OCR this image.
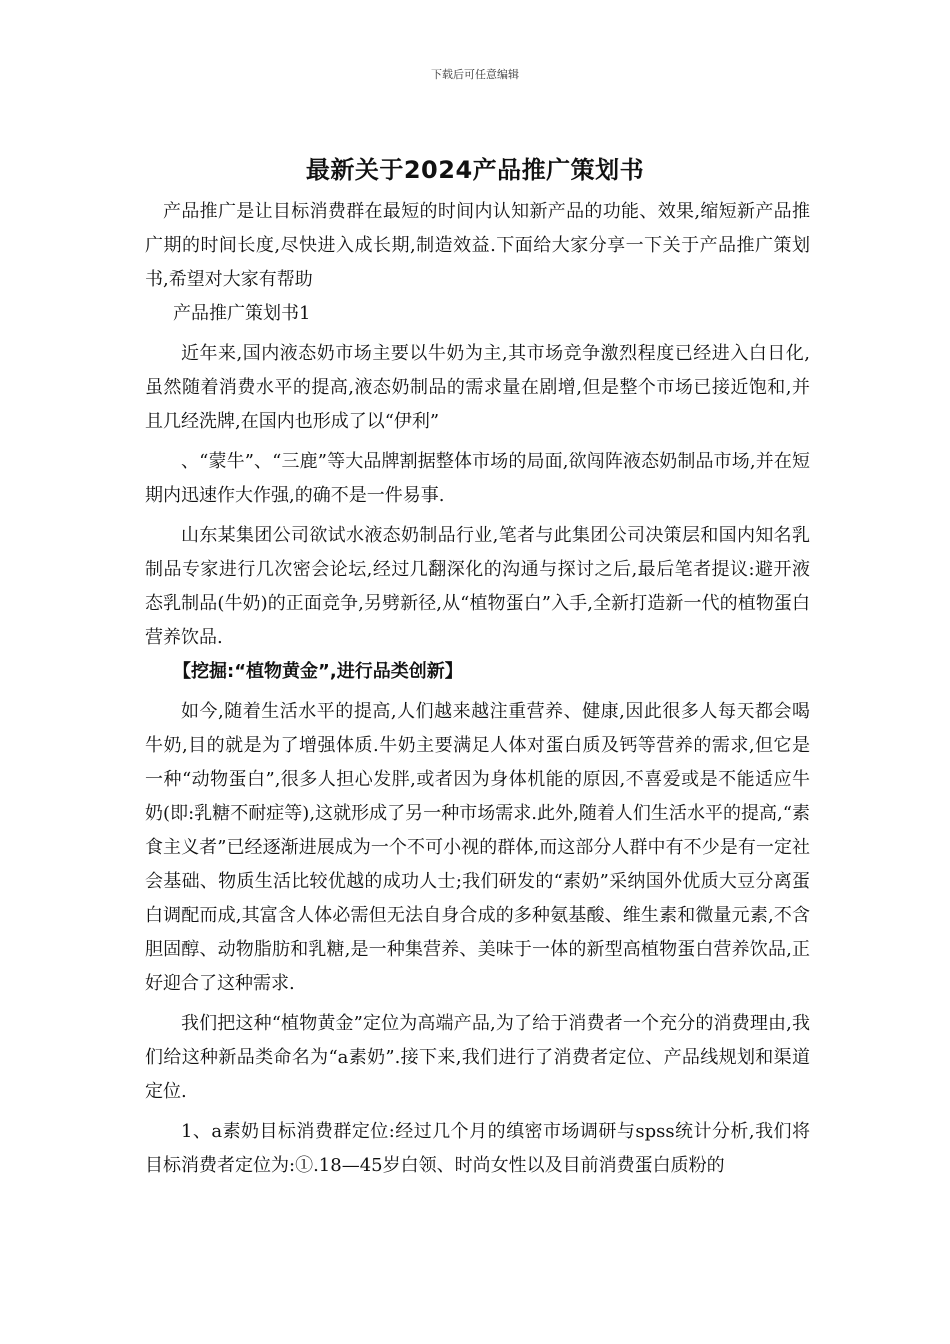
下载后可任意编辑
最新关于2024产品推广策划书

产品推广是让目标消费群在最短的时间内认知新产品的功能、效果,缩短新产品推广期的时间长度,尽快进入成长期,制造效益.下面给大家分享一下关于产品推广策划书,希望对大家有帮助

产品推广策划书1

近年来,国内液态奶市场主要以牛奶为主,其市场竞争激烈程度已经进入白日化,虽然随着消费水平的提高,液态奶制品的需求量在剧增,但是整个市场已接近饱和,并且几经洗牌,在国内也形成了以“伊利”

、“蒙牛”、“三鹿”等大品牌割据整体市场的局面,欲闯阵液态奶制品市场,并在短期内迅速作大作强,的确不是一件易事.

山东某集团公司欲试水液态奶制品行业,笔者与此集团公司决策层和国内知名乳制品专家进行几次密会论坛,经过几翻深化的沟通与探讨之后,最后笔者提议:避开液态乳制品(牛奶)的正面竞争,另劈新径,从“植物蛋白”入手,全新打造新一代的植物蛋白营养饮品.

【挖掘:“植物黄金”,进行品类创新】

如今,随着生活水平的提高,人们越来越注重营养、健康,因此很多人每天都会喝牛奶,目的就是为了增强体质.牛奶主要满足人体对蛋白质及钙等营养的需求,但它是一种“动物蛋白”,很多人担心发胖,或者因为身体机能的原因,不喜爱或是不能适应牛奶(即:乳糖不耐症等),这就形成了另一种市场需求.此外,随着人们生活水平的提高,“素食主义者”已经逐渐进展成为一个不可小视的群体,而这部分人群中有不少是有一定社会基础、物质生活比较优越的成功人士;我们研发的“素奶”采纳国外优质大豆分离蛋白调配而成,其富含人体必需但无法自身合成的多种氨基酸、维生素和微量元素,不含胆固醇、动物脂肪和乳糖,是一种集营养、美味于一体的新型高植物蛋白营养饮品,正好迎合了这种需求.

我们把这种“植物黄金”定位为高端产品,为了给于消费者一个充分的消费理由,我们给这种新品类命名为“a素奶”.接下来,我们进行了消费者定位、产品线规划和渠道定位.

1、a素奶目标消费群定位:经过几个月的缜密市场调研与spss统计分析,我们将目标消费者定位为:①.18—45岁白领、时尚女性以及目前消费蛋白质粉的
